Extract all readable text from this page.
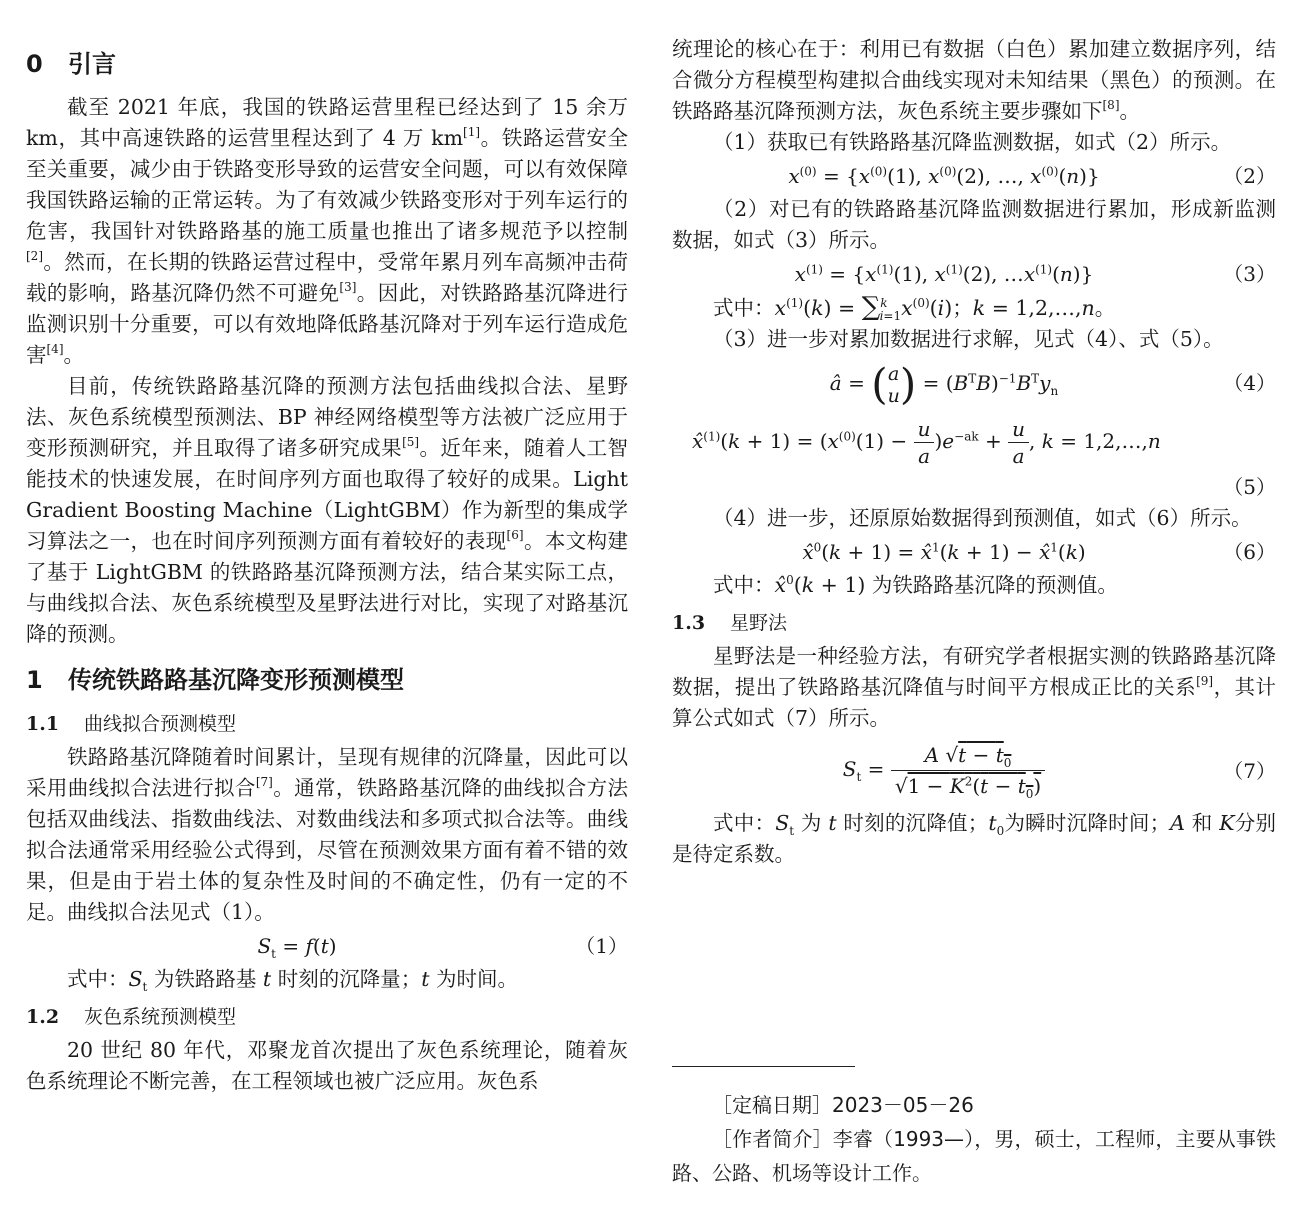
0 引言

截至 2021 年底，我国的铁路运营里程已经达到了 15 余万 km，其中高速铁路的运营里程达到了 4 万 km[1]。铁路运营安全至关重要，减少由于铁路变形导致的运营安全问题，可以有效保障我国铁路运输的正常运转。为了有效减少铁路变形对于列车运行的危害，我国针对铁路路基的施工质量也推出了诸多规范予以控制[2]。然而，在长期的铁路运营过程中，受常年累月列车高频冲击荷载的影响，路基沉降仍然不可避免[3]。因此，对铁路路基沉降进行监测识别十分重要，可以有效地降低路基沉降对于列车运行造成危害[4]。

目前，传统铁路路基沉降的预测方法包括曲线拟合法、星野法、灰色系统模型预测法、BP 神经网络模型等方法被广泛应用于变形预测研究，并且取得了诸多研究成果[5]。近年来，随着人工智能技术的快速发展，在时间序列方面也取得了较好的成果。Light Gradient Boosting Machine（LightGBM）作为新型的集成学习算法之一，也在时间序列预测方面有着较好的表现[6]。本文构建了基于 LightGBM 的铁路路基沉降预测方法，结合某实际工点，与曲线拟合法、灰色系统模型及星野法进行对比，实现了对路基沉降的预测。

1 传统铁路路基沉降变形预测模型
1.1 曲线拟合预测模型

铁路路基沉降随着时间累计，呈现有规律的沉降量，因此可以采用曲线拟合法进行拟合[7]。通常，铁路路基沉降的曲线拟合方法包括双曲线法、指数曲线法、对数曲线法和多项式拟合法等。曲线拟合法通常采用经验公式得到，尽管在预测效果方面有着不错的效果，但是由于岩土体的复杂性及时间的不确定性，仍有一定的不足。曲线拟合法见式（1）。

$S_t = f(t)$	（1）

式中：$S_t$ 为铁路路基 t 时刻的沉降量；t 为时间。

1.2 灰色系统预测模型

20 世纪 80 年代，邓聚龙首次提出了灰色系统理论，随着灰色系统理论不断完善，在工程领域也被广泛应用。灰色系

统理论的核心在于：利用已有数据（白色）累加建立数据序列，结合微分方程模型构建拟合曲线实现对未知结果（黑色）的预测。在铁路路基沉降预测方法，灰色系统主要步骤如下[8]。

（1）获取已有铁路路基沉降监测数据，如式（2）所示。

$x^{(0)} = \{x^{(0)}(1)$, $x^{(0)}(2)$, …, $x^{(0)}(n)$}	（2）

（2）对已有的铁路路基沉降监测数据进行累加，形成新监测数据，如式（3）所示。

$x^{(1)} = \{x^{(1)}(1)$, $x^{(1)}(2)$, $\dots x^{(1)}(n)$}	（3）

式中：$x^{(1)}(k) = \sum^k_{i=1}x^{(0)}(i)$；k = 1,2,…,n。

（3）进一步对累加数据进行求解，见式（4）、式（5）。

â = (a
$u) = (B^TB)^{-1}B^Ty_n$	（4）
x̂$^{(1)}$(k + $1) = (x^{(0)}(1) - \frac{u}{a} )e^{-ak} + \frac{u}{a}$ , k = 1,2,…,n
（5）

（4）进一步，还原原始数据得到预测值，如式（6）所示。

x̂$^0$(k + 1) = x̂$^1$(k + 1) − x̂$^1$(k)	（6）

式中：x̂$^0$(k + 1) 为铁路路基沉降的预测值。

1.3 星野法

星野法是一种经验方法，有研究学者根据实测的铁路路基沉降数据，提出了铁路路基沉降值与时间平方根成正比的关系[9]，其计算公式如式（7）所示。

$S_t = \frac{A √t - t_0}{√1 - K^2(t - t_0)}$	（7）

式中：$S_t$ 为 t 时刻的沉降值；$t_0$为瞬时沉降时间；A 和 K分别是待定系数。

［定稿日期］2023－05－26

［作者简介］李睿（1993—），男，硕士，工程师，主要从事铁路、公路、机场等设计工作。
